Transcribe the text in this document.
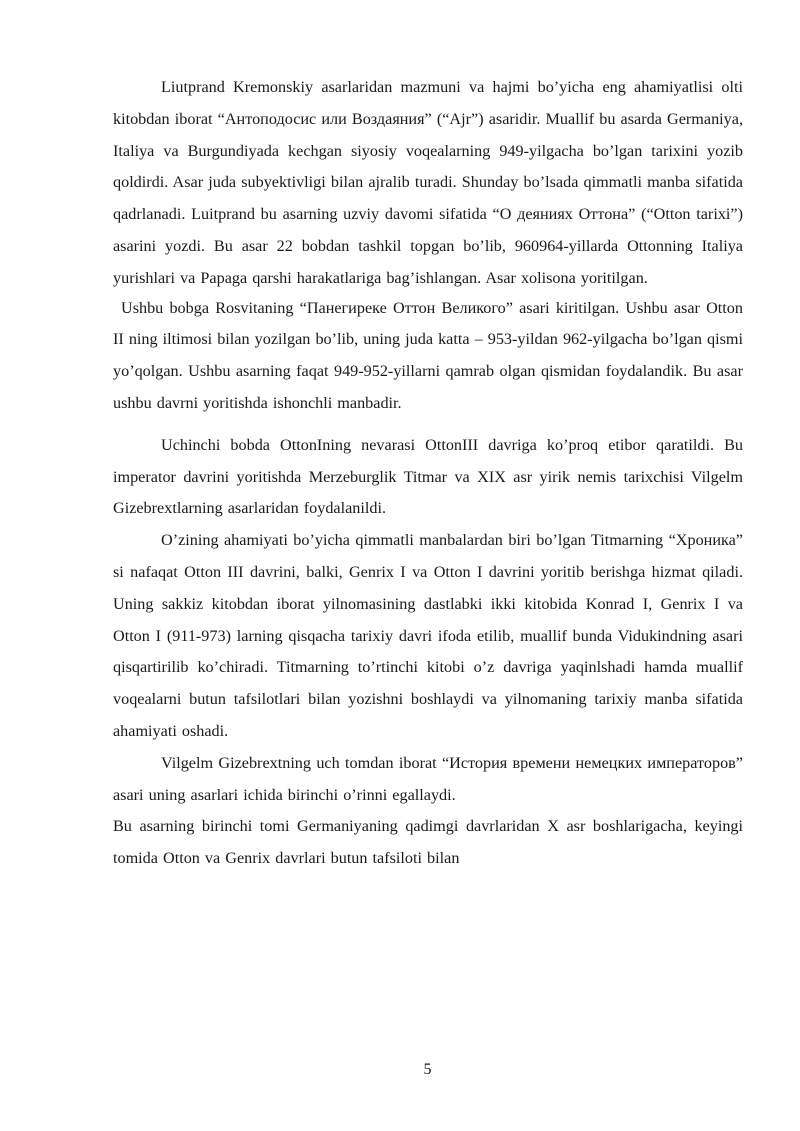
Liutprand Kremonskiy asarlaridan mazmuni va hajmi bo’yicha eng ahamiyatlisi olti kitobdan iborat “Антоподосис или Воздаяния” (“Ajr”) asaridir. Muallif bu asarda Germaniya, Italiya va Burgundiyada kechgan siyosiy voqealarning 949-yilgacha bo’lgan tarixini yozib qoldirdi. Asar juda subyektivligi bilan ajralib turadi. Shunday bo’lsada qimmatli manba sifatida qadrlanadi. Luitprand bu asarning uzviy davomi sifatida “О деяниях Оттона” (“Otton tarixi”) asarini yozdi. Bu asar 22 bobdan tashkil topgan bo’lib, 960964-yillarda Ottonning Italiya yurishlari va Papaga qarshi harakatlariga bag’ishlangan. Asar xolisona yoritilgan.

Ushbu bobga Rosvitaning “Панегиреке Оттон Великого” asari kiritilgan. Ushbu asar Otton II ning iltimosi bilan yozilgan bo’lib, uning juda katta – 953-yildan 962-yilgacha bo’lgan qismi yo’qolgan. Ushbu asarning faqat 949-952-yillarni qamrab olgan qismidan foydalandik. Bu asar ushbu davrni yoritishda ishonchli manbadir.

Uchinchi bobda OttonIning nevarasi OttonIII davriga ko’proq etibor qaratildi. Bu imperator davrini yoritishda Merzeburglik Titmar va XIX asr yirik nemis tarixchisi Vilgelm Gizebrextlarning asarlaridan foydalanildi.

O’zining ahamiyati bo’yicha qimmatli manbalardan biri bo’lgan Titmarning “Хроника” si nafaqat Otton III davrini, balki, Genrix I va Otton I davrini yoritib berishga hizmat qiladi. Uning sakkiz kitobdan iborat yilnomasining dastlabki ikki kitobida Konrad I, Genrix I va Otton I (911-973) larning qisqacha tarixiy davri ifoda etilib, muallif bunda Vidukindning asari qisqartirilib ko’chiradi. Titmarning to’rtinchi kitobi o’z davriga yaqinlshadi hamda muallif voqealarni butun tafsilotlari bilan yozishni boshlaydi va yilnomaning tarixiy manba sifatida ahamiyati oshadi.

Vilgelm Gizebrextning uch tomdan iborat “История времени немецких императоров” asari uning asarlari ichida birinchi o’rinni egallaydi.

Bu asarning birinchi tomi Germaniyaning qadimgi davrlaridan X asr boshlarigacha, keyingi tomida Otton va Genrix davrlari butun tafsiloti bilan

5
